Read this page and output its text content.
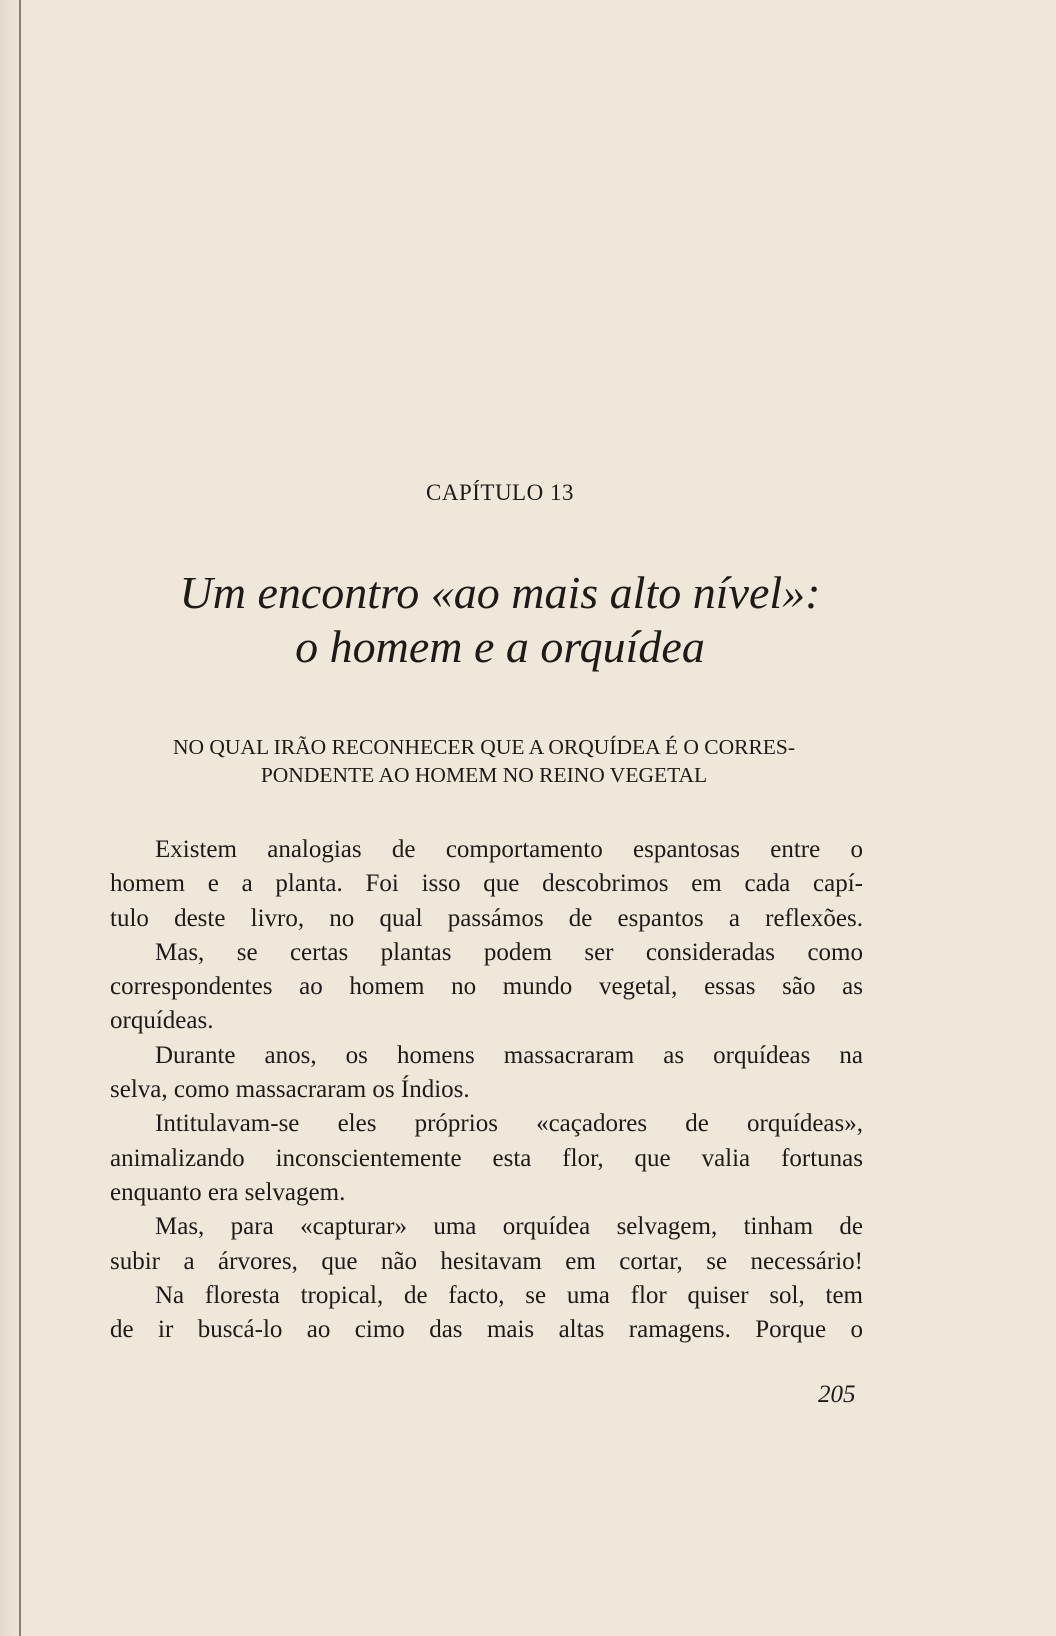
CAPÍTULO 13
Um encontro «ao mais alto nível»:
o homem e a orquídea
NO QUAL IRÃO RECONHECER QUE A ORQUÍDEA É O CORRES-
PONDENTE AO HOMEM NO REINO VEGETAL
Existem analogias de comportamento espantosas entre o
homem e a planta. Foi isso que descobrimos em cada capí-
tulo deste livro, no qual passámos de espantos a reflexões.
Mas, se certas plantas podem ser consideradas como
correspondentes ao homem no mundo vegetal, essas são as
orquídeas.
Durante anos, os homens massacraram as orquídeas na
selva, como massacraram os Índios.
Intitulavam-se eles próprios «caçadores de orquídeas»,
animalizando inconscientemente esta flor, que valia fortunas
enquanto era selvagem.
Mas, para «capturar» uma orquídea selvagem, tinham de
subir a árvores, que não hesitavam em cortar, se necessário!
Na floresta tropical, de facto, se uma flor quiser sol, tem
de ir buscá-lo ao cimo das mais altas ramagens. Porque o
205
